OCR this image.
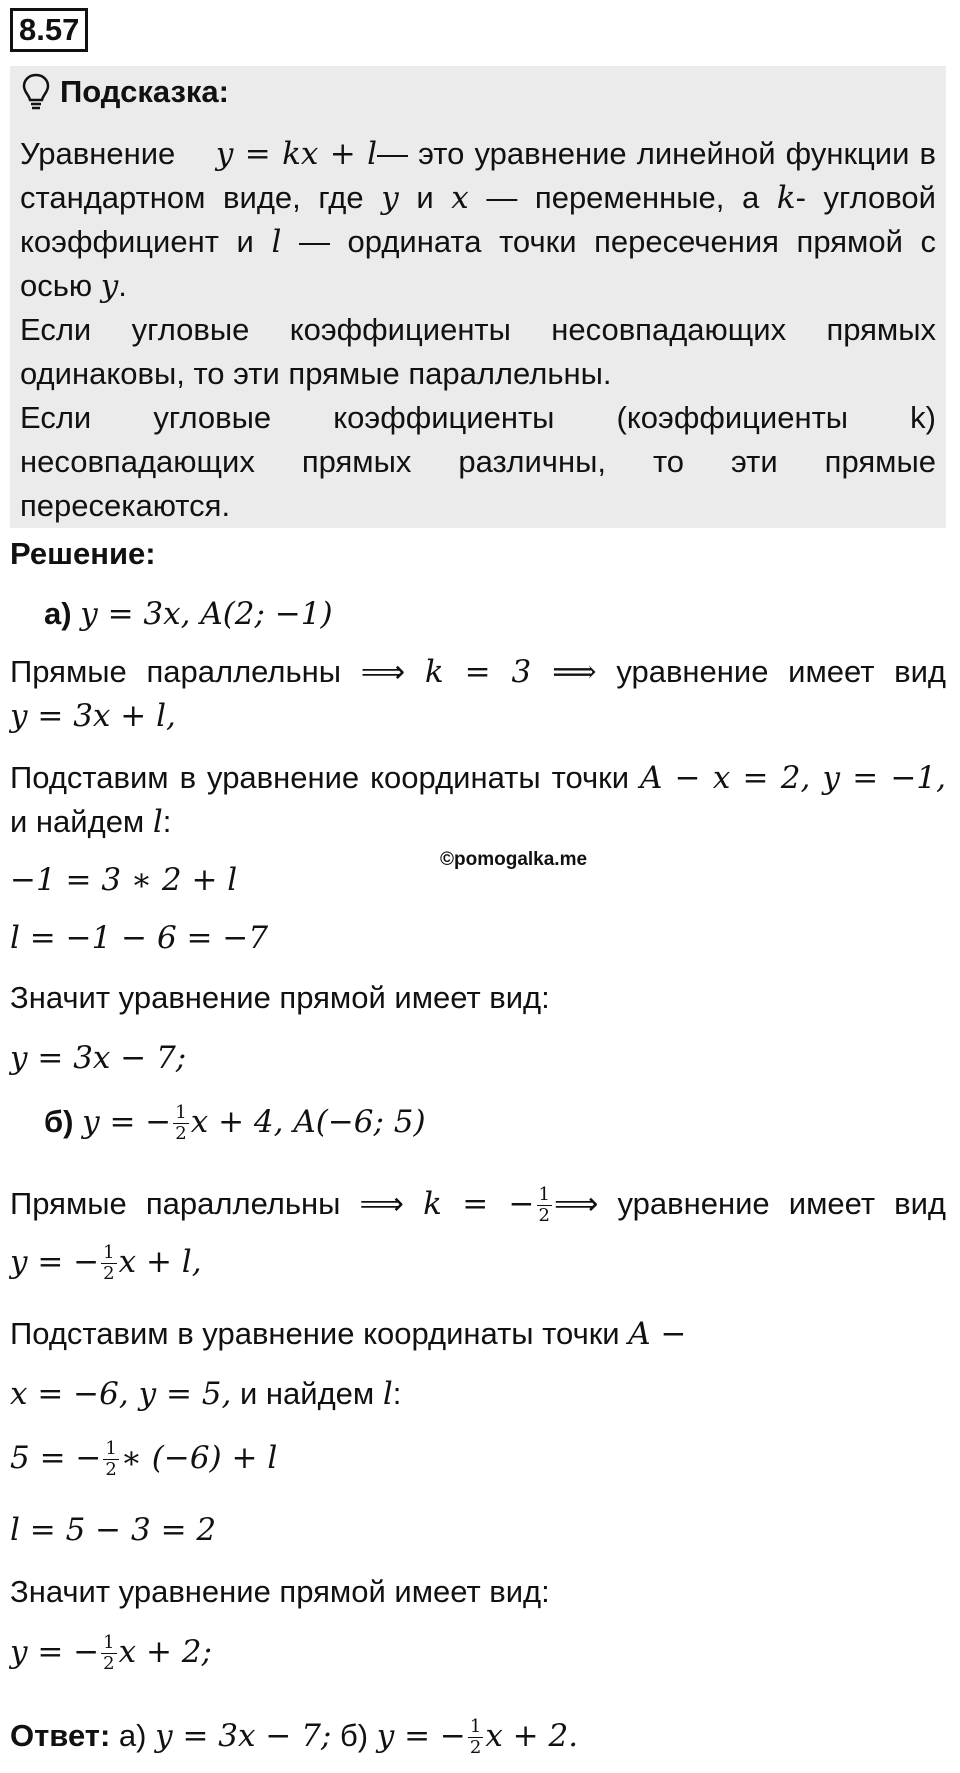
8.57
Подсказка:

Уравнение y = kx + l— это уравнение линейной функции в стандартном виде, где y и x — переменные, а k- угловой коэффициент и l — ордината точки пересечения прямой с осью y.

Если угловые коэффициенты несовпадающих прямых одинаковы, то эти прямые параллельны.

Если угловые коэффициенты (коэффициенты k) несовпадающих прямых различны, то эти прямые пересекаются.

Решение:
а) y = 3x, A(2; −1)
Прямые параллельны ⟹ k = 3 ⟹ уравнение имеет вид
y = 3x + l,
Подставим в уравнение координаты точки A − x = 2, y = −1,
и найдем l:
©pomogalka.me
−1 = 3 ∗ 2 + l
l = −1 − 6 = −7
Значит уравнение прямой имеет вид:
y = 3x − 7;
б) y = − $\frac{1}{2}$ x + 4, A(−6; 5)
Прямые параллельны ⟹ k = − $\frac{1}{2}$ ⟹ уравнение имеет вид
y = − $\frac{1}{2}$ x + l,
Подставим в уравнение координаты точки A −
x = −6, y = 5, и найдем l:
5 = − $\frac{1}{2}$ ∗ (−6) + l
l = 5 − 3 = 2
Значит уравнение прямой имеет вид:
y = − $\frac{1}{2}$ x + 2;
Ответ: а) y = 3x − 7; б) y = − $\frac{1}{2}$ x + 2.
